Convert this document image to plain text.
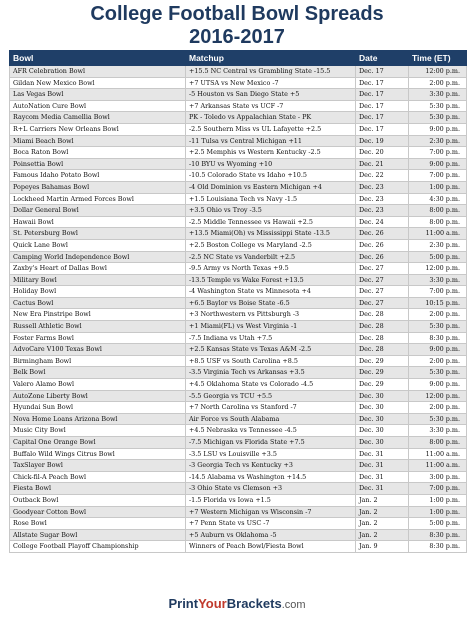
College Football Bowl Spreads
2016-2017
Bowl	Matchup	Date	Time (ET)
AFR Celebration Bowl	+15.5 NC Central vs Grambling State -15.5	Dec. 17	12:00 p.m.
Gildan New Mexico Bowl	+7 UTSA vs New Mexico -7	Dec. 17	2:00 p.m.
Las Vegas Bowl	-5 Houston vs San Diego State +5	Dec. 17	3:30 p.m.
AutoNation Cure Bowl	+7 Arkansas State vs UCF -7	Dec. 17	5:30 p.m.
Raycom Media Camellia Bowl	PK - Toledo vs Appalachian State - PK	Dec. 17	5:30 p.m.
R+L Carriers New Orleans Bowl	-2.5 Southern Miss vs UL Lafayette +2.5	Dec. 17	9:00 p.m.
Miami Beach Bowl	-11 Tulsa vs Central Michigan +11	Dec. 19	2:30 p.m.
Boca Raton Bowl	+2.5 Memphis vs Western Kentucky -2.5	Dec. 20	7:00 p.m.
Poinsettia Bowl	-10 BYU vs Wyoming +10	Dec. 21	9:00 p.m.
Famous Idaho Potato Bowl	-10.5 Colorado State vs Idaho +10.5	Dec. 22	7:00 p.m.
Popeyes Bahamas Bowl	-4 Old Dominion vs Eastern Michigan +4	Dec. 23	1:00 p.m.
Lockheed Martin Armed Forces Bowl	+1.5 Louisiana Tech vs Navy -1.5	Dec. 23	4:30 p.m.
Dollar General Bowl	+3.5 Ohio vs Troy -3.5	Dec. 23	8:00 p.m.
Hawaii Bowl	-2.5 Middle Tennessee vs Hawaii +2.5	Dec. 24	8:00 p.m.
St. Petersburg Bowl	+13.5 Miami(Oh) vs Mississippi State -13.5	Dec. 26	11:00 a.m.
Quick Lane Bowl	+2.5 Boston College vs Maryland -2.5	Dec. 26	2:30 p.m.
Camping World Independence Bowl	-2.5 NC State vs Vanderbilt +2.5	Dec. 26	5:00 p.m.
Zaxby's Heart of Dallas Bowl	-9.5 Army vs North Texas +9.5	Dec. 27	12:00 p.m.
Military Bowl	-13.5 Temple vs Wake Forest +13.5	Dec. 27	3:30 p.m.
Holiday Bowl	-4 Washington State vs Minnesota +4	Dec. 27	7:00 p.m.
Cactus Bowl	+6.5 Baylor vs Boise State -6.5	Dec. 27	10:15 p.m.
New Era Pinstripe Bowl	+3 Northwestern vs Pittsburgh -3	Dec. 28	2:00 p.m.
Russell Athletic Bowl	+1 Miami(FL) vs West Virginia -1	Dec. 28	5:30 p.m.
Foster Farms Bowl	-7.5 Indiana vs Utah +7.5	Dec. 28	8:30 p.m.
AdvoCare V100 Texas Bowl	+2.5 Kansas State vs Texas A&M -2.5	Dec. 28	9:00 p.m.
Birmingham Bowl	+8.5 USF vs South Carolina +8.5	Dec. 29	2:00 p.m.
Belk Bowl	-3.5 Virginia Tech vs Arkansas +3.5	Dec. 29	5:30 p.m.
Valero Alamo Bowl	+4.5 Oklahoma State vs Colorado -4.5	Dec. 29	9:00 p.m.
AutoZone Liberty Bowl	-5.5 Georgia vs TCU +5.5	Dec. 30	12:00 p.m.
Hyundai Sun Bowl	+7 North Carolina vs Stanford -7	Dec. 30	2:00 p.m.
Nova Home Loans Arizona Bowl	Air Force vs South Alabama	Dec. 30	5:30 p.m.
Music City Bowl	+4.5 Nebraska vs Tennessee -4.5	Dec. 30	3:30 p.m.
Capital One Orange Bowl	-7.5 Michigan vs Florida State +7.5	Dec. 30	8:00 p.m.
Buffalo Wild Wings Citrus Bowl	-3.5 LSU vs Louisville +3.5	Dec. 31	11:00 a.m.
TaxSlayer Bowl	-3 Georgia Tech vs Kentucky +3	Dec. 31	11:00 a.m.
Chick-fil-A Peach Bowl	-14.5 Alabama vs Washington +14.5	Dec. 31	3:00 p.m.
Fiesta Bowl	-3 Ohio State vs Clemson +3	Dec. 31	7:00 p.m.
Outback Bowl	-1.5 Florida vs Iowa +1.5	Jan. 2	1:00 p.m.
Goodyear Cotton Bowl	+7 Western Michigan vs Wisconsin -7	Jan. 2	1:00 p.m.
Rose Bowl	+7 Penn State vs USC -7	Jan. 2	5:00 p.m.
Allstate Sugar Bowl	+5 Auburn vs Oklahoma -5	Jan. 2	8:30 p.m.
College Football Playoff Championship	Winners of Peach Bowl/Fiesta Bowl	Jan. 9	8:30 p.m.
PrintYourBrackets.com
